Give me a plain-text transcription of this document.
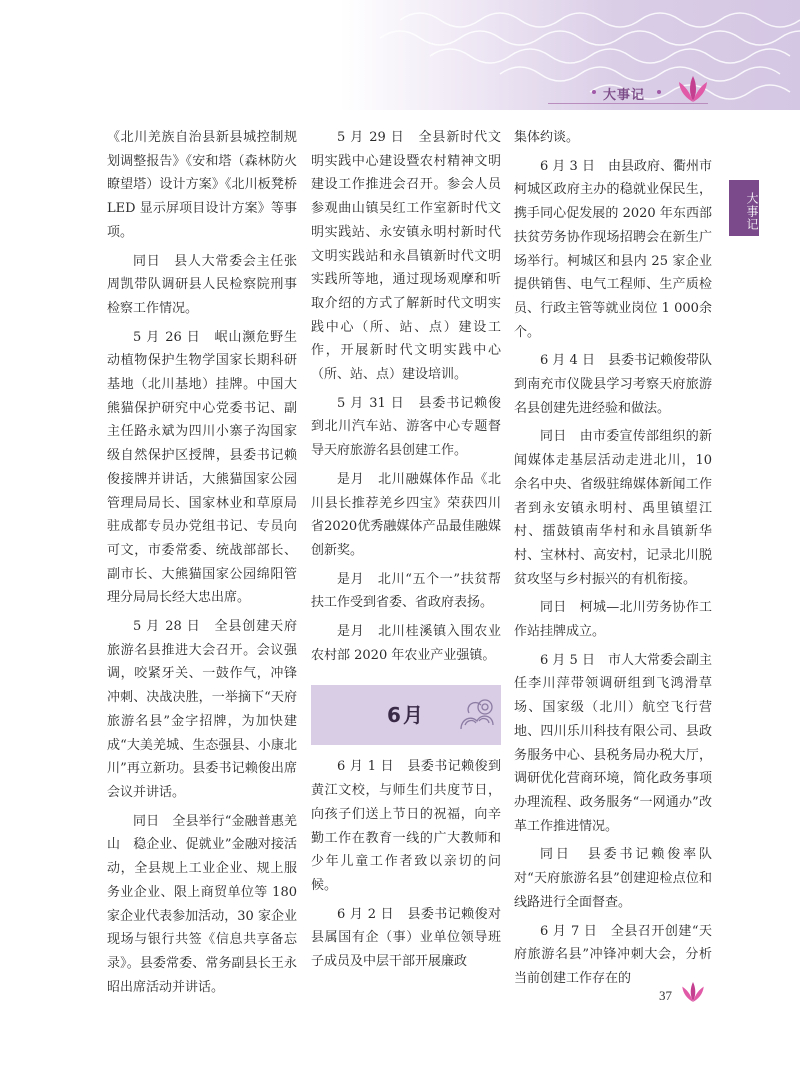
大事记
大事记

《北川羌族自治县新县城控制规划调整报告》《安和塔（森林防火瞭望塔）设计方案》《北川板凳桥 LED 显示屏项目设计方案》等事项。

同日　县人大常委会主任张周凯带队调研县人民检察院刑事检察工作情况。

5 月 26 日　岷山濒危野生动植物保护生物学国家长期科研基地（北川基地）挂牌。中国大熊猫保护研究中心党委书记、副主任路永斌为四川小寨子沟国家级自然保护区授牌，县委书记赖俊接牌并讲话，大熊猫国家公园管理局局长、国家林业和草原局驻成都专员办党组书记、专员向可文，市委常委、统战部部长、副市长、大熊猫国家公园绵阳管理分局局长经大忠出席。

5 月 28 日　全县创建天府旅游名县推进大会召开。会议强调，咬紧牙关、一鼓作气，冲锋冲刺、决战决胜，一举摘下“天府旅游名县”金字招牌，为加快建成“大美羌城、生态强县、小康北川”再立新功。县委书记赖俊出席会议并讲话。

同日　全县举行“金融普惠羌山　稳企业、促就业”金融对接活动，全县规上工业企业、规上服务业企业、限上商贸单位等 180 家企业代表参加活动，30 家企业现场与银行共签《信息共享备忘录》。县委常委、常务副县长王永昭出席活动并讲话。

5 月 29 日　全县新时代文明实践中心建设暨农村精神文明建设工作推进会召开。参会人员参观曲山镇吴红工作室新时代文明实践站、永安镇永明村新时代文明实践站和永昌镇新时代文明实践所等地，通过现场观摩和听取介绍的方式了解新时代文明实践中心（所、站、点）建设工作，开展新时代文明实践中心（所、站、点）建设培训。

5 月 31 日　县委书记赖俊到北川汽车站、游客中心专题督导天府旅游名县创建工作。

是月　北川融媒体作品《北川县长推荐羌乡四宝》荣获四川省2020优秀融媒体产品最佳融媒创新奖。

是月　北川“五个一”扶贫帮扶工作受到省委、省政府表扬。

是月　北川桂溪镇入围农业农村部 2020 年农业产业强镇。

6月

6 月 1 日　县委书记赖俊到黄江文校，与师生们共度节日，向孩子们送上节日的祝福，向辛勤工作在教育一线的广大教师和少年儿童工作者致以亲切的问候。

6 月 2 日　县委书记赖俊对县属国有企（事）业单位领导班子成员及中层干部开展廉政

集体约谈。

6 月 3 日　由县政府、衢州市柯城区政府主办的稳就业保民生，携手同心促发展的 2020 年东西部扶贫劳务协作现场招聘会在新生广场举行。柯城区和县内 25 家企业提供销售、电气工程师、生产质检员、行政主管等就业岗位 1 000余个。

6 月 4 日　县委书记赖俊带队到南充市仪陇县学习考察天府旅游名县创建先进经验和做法。

同日　由市委宣传部组织的新闻媒体走基层活动走进北川，10 余名中央、省级驻绵媒体新闻工作者到永安镇永明村、禹里镇望江村、擂鼓镇南华村和永昌镇新华村、宝林村、高安村，记录北川脱贫攻坚与乡村振兴的有机衔接。

同日　柯城—北川劳务协作工作站挂牌成立。

6 月 5 日　市人大常委会副主任李川萍带领调研组到飞鸿滑草场、国家级（北川）航空飞行营地、四川乐川科技有限公司、县政务服务中心、县税务局办税大厅，调研优化营商环境，简化政务事项办理流程、政务服务“一网通办”改革工作推进情况。

同日　县委书记赖俊率队对“天府旅游名县”创建迎检点位和线路进行全面督查。

6 月 7 日　全县召开创建“天府旅游名县”冲锋冲刺大会，分析当前创建工作存在的

37
